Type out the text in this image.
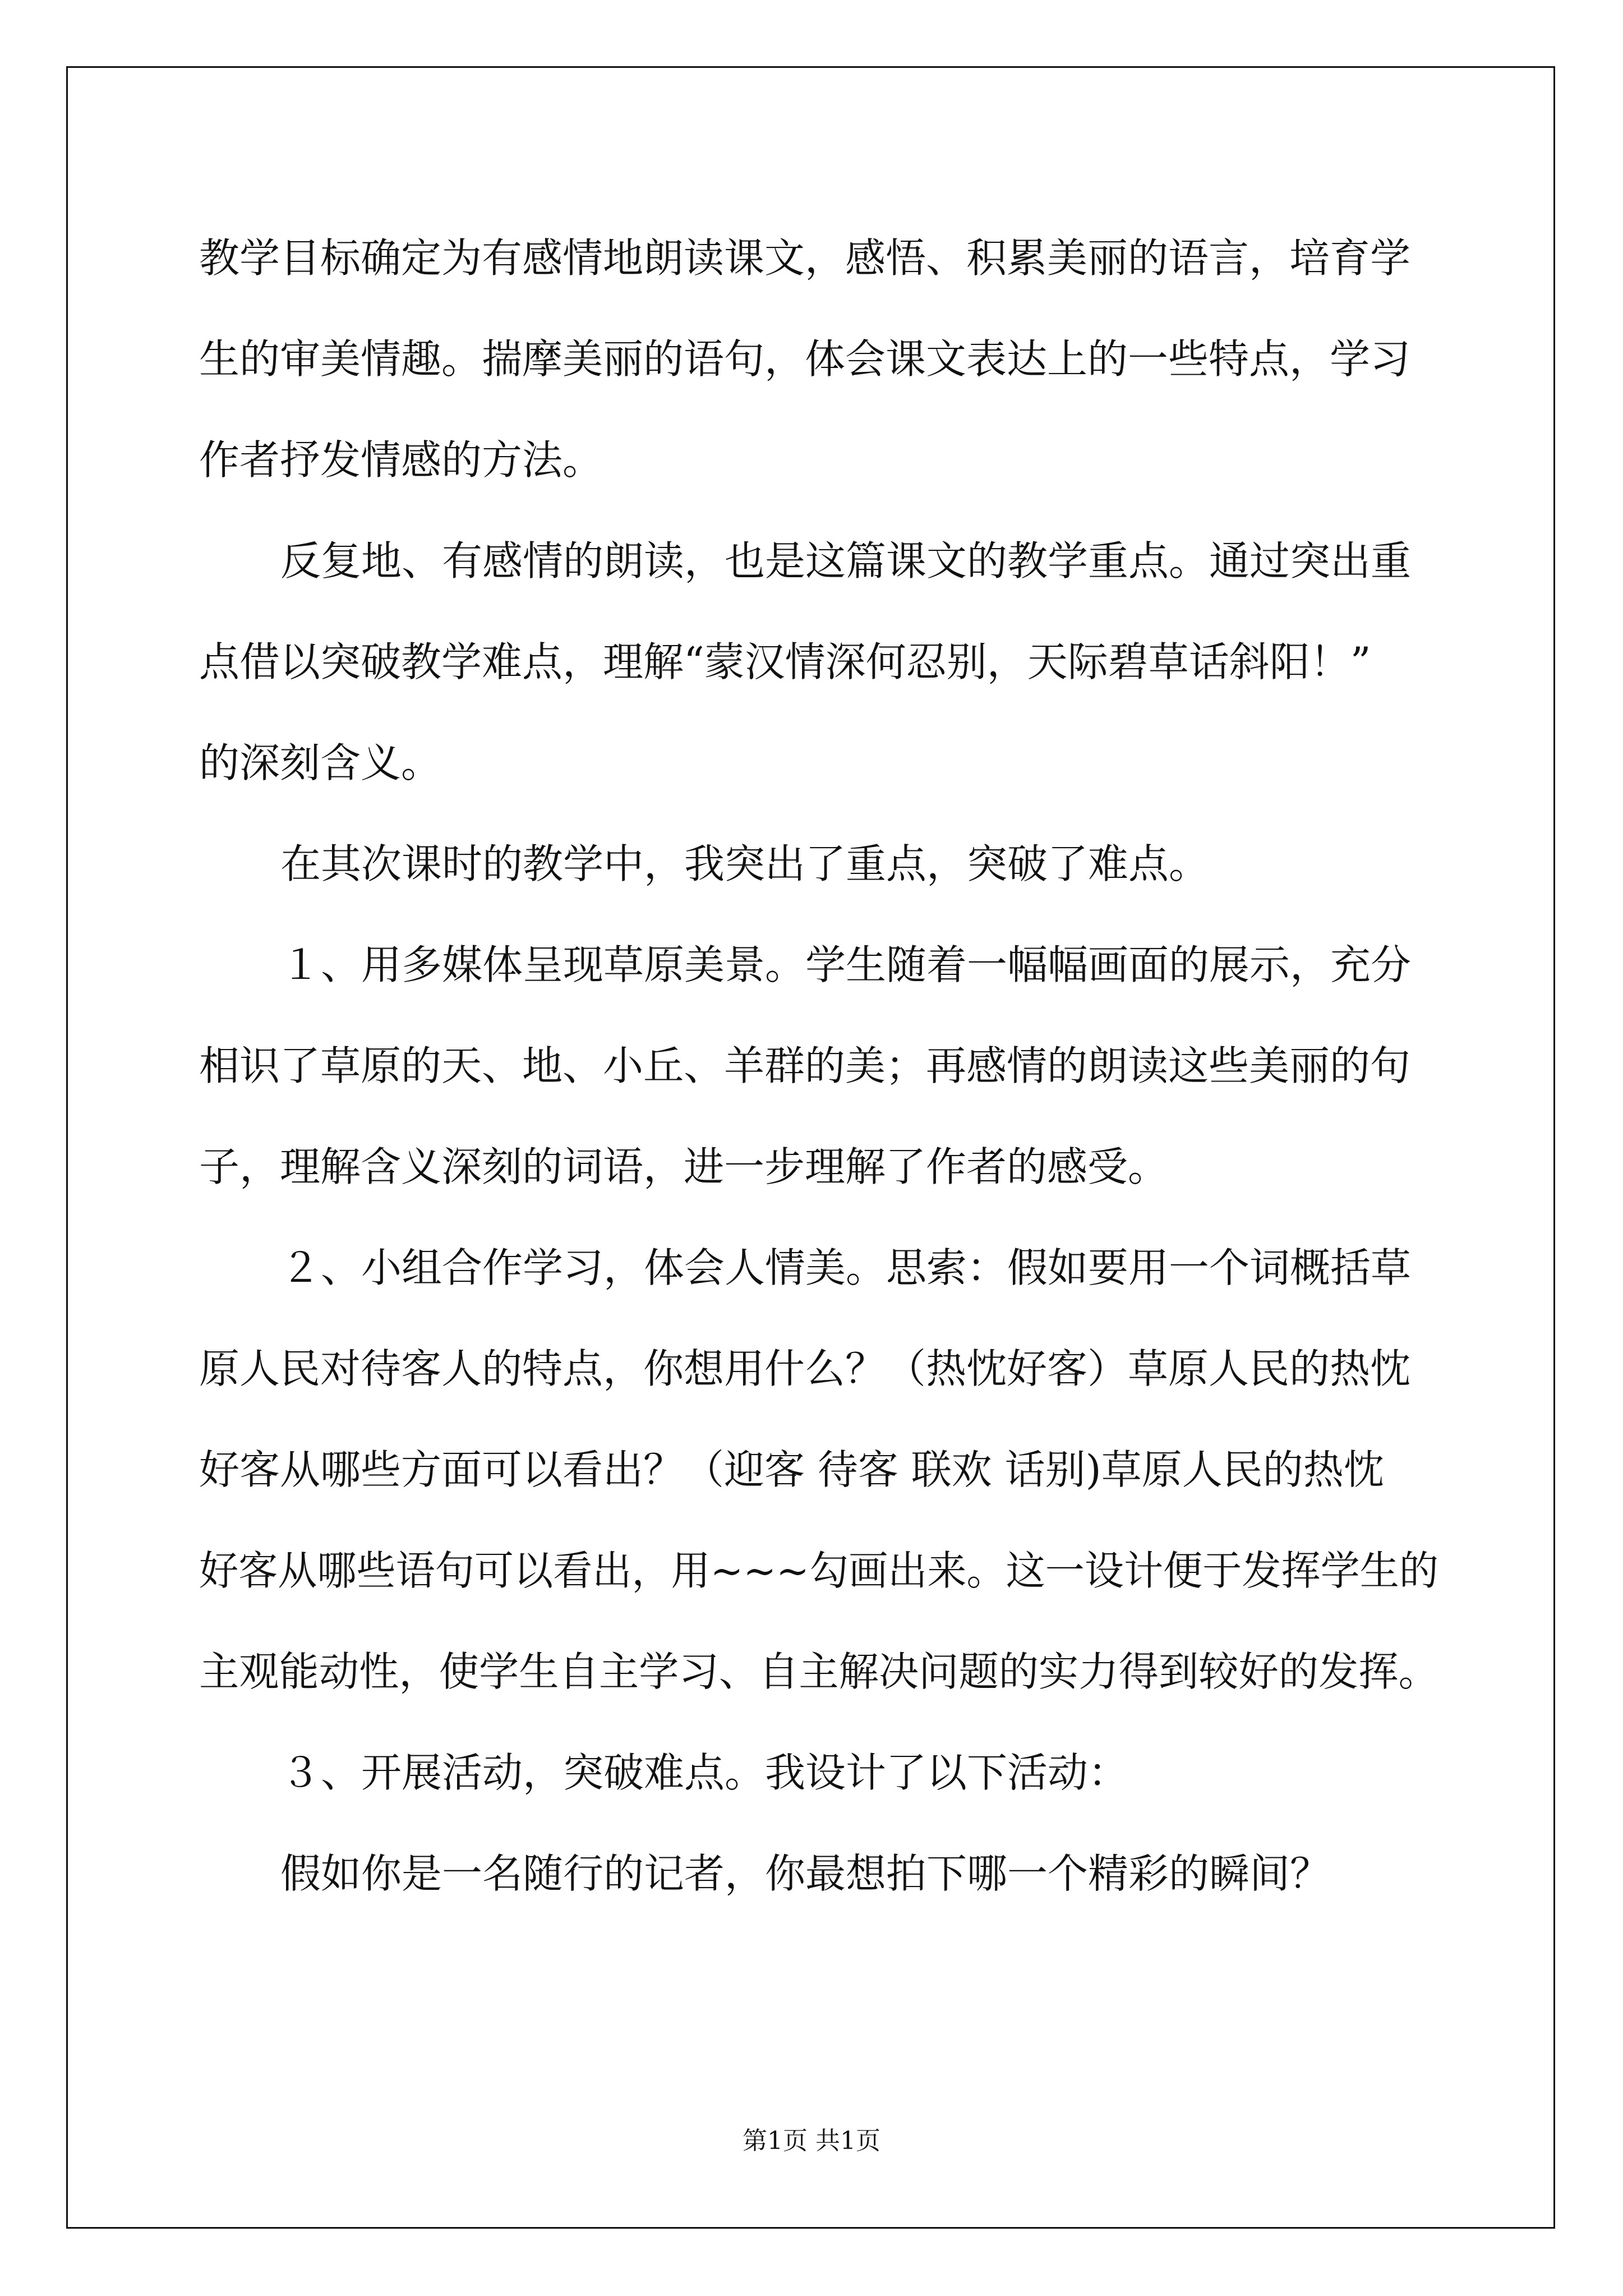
教学目标确定为有感情地朗读课文，感悟、积累美丽的语言，培育学
生的审美情趣。揣摩美丽的语句，体会课文表达上的一些特点，学习
作者抒发情感的方法。
反复地、有感情的朗读，也是这篇课文的教学重点。通过突出重
点借以突破教学难点，理解“蒙汉情深何忍别，天际碧草话斜阳！”
的深刻含义。
在其次课时的教学中，我突出了重点，突破了难点。
１、用多媒体呈现草原美景。学生随着一幅幅画面的展示，充分
相识了草原的天、地、小丘、羊群的美；再感情的朗读这些美丽的句
子，理解含义深刻的词语，进一步理解了作者的感受。
２、小组合作学习，体会人情美。思索：假如要用一个词概括草
原人民对待客人的特点，你想用什么？（热忱好客）草原人民的热忱
好客从哪些方面可以看出？（迎客 待客 联欢 话别)草原人民的热忱
好客从哪些语句可以看出，用~~~勾画出来。这一设计便于发挥学生的
主观能动性，使学生自主学习、自主解决问题的实力得到较好的发挥。
３、开展活动，突破难点。我设计了以下活动：
假如你是一名随行的记者，你最想拍下哪一个精彩的瞬间？
第1页 共1页
